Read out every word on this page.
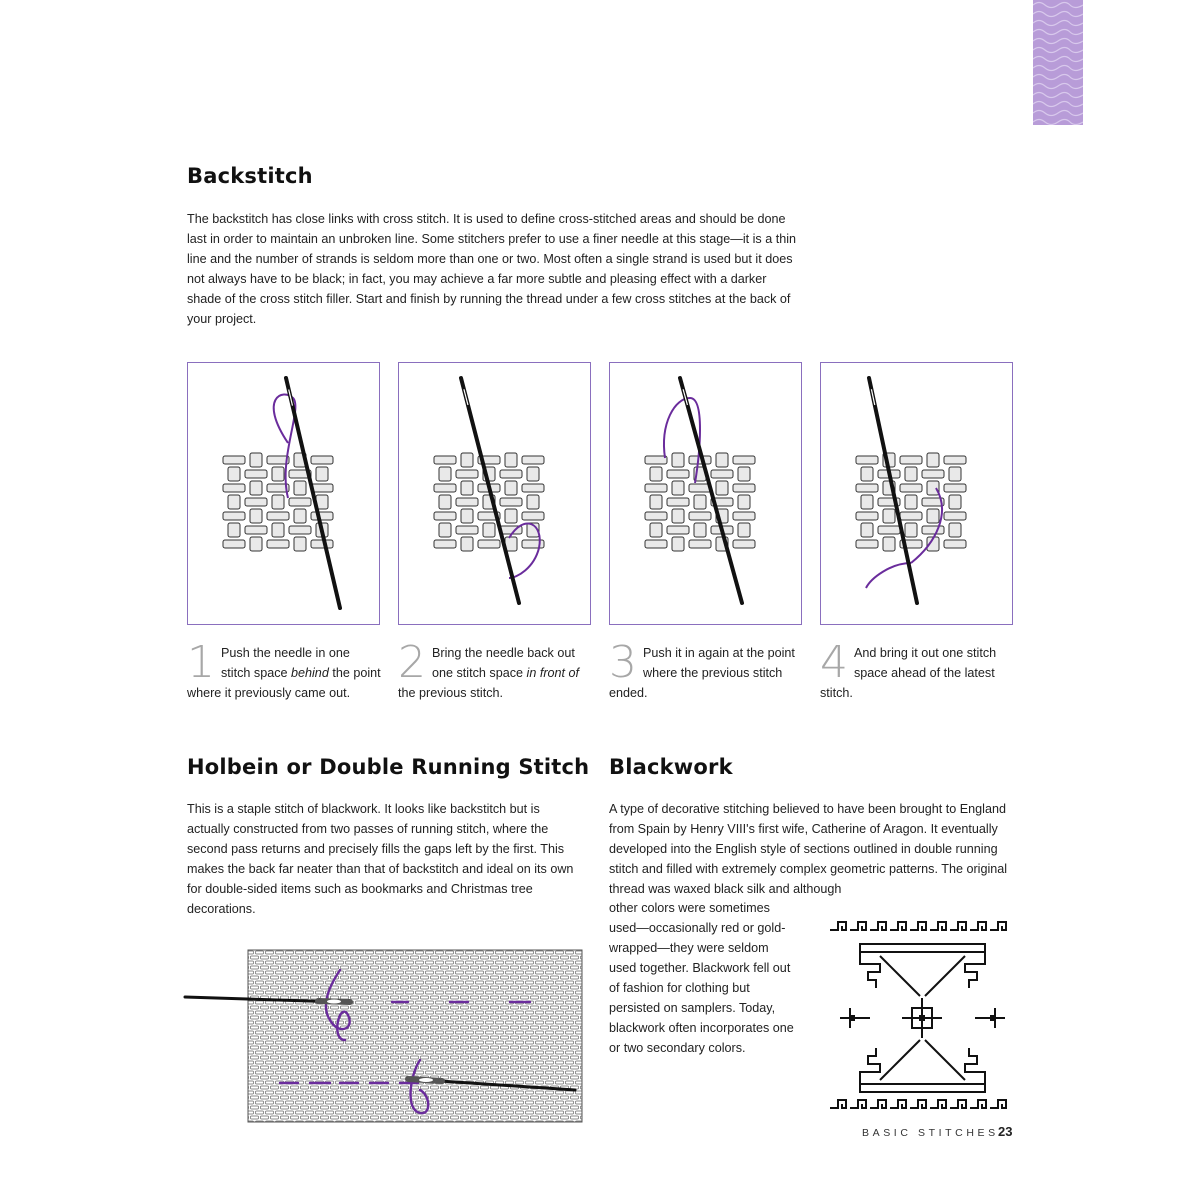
Backstitch

The backstitch has close links with cross stitch. It is used to define cross-stitched areas and should be done last in order to maintain an unbroken line. Some stitchers prefer to use a finer needle at this stage—it is a thin line and the number of strands is seldom more than one or two. Most often a single strand is used but it does not always have to be black; in fact, you may achieve a far more subtle and pleasing effect with a darker shade of the cross stitch filler. Start and finish by running the thread under a few cross stitches at the back of your project.

1 Push the needle in one stitch space behind the point where it previously came out.
2 Bring the needle back out one stitch space in front of the previous stitch.
3 Push it in again at the point where the previous stitch ended.
4 And bring it out one stitch space ahead of the latest stitch.
Holbein or Double Running Stitch

This is a staple stitch of blackwork. It looks like backstitch but is actually constructed from two passes of running stitch, where the second pass returns and precisely fills the gaps left by the first. This makes the back far neater than that of backstitch and ideal on its own for double-sided items such as bookmarks and Christmas tree decorations.

Blackwork

A type of decorative stitching believed to have been brought to England from Spain by Henry VIII's first wife, Catherine of Aragon. It eventually developed into the English style of sections outlined in double running stitch and filled with extremely complex geometric patterns. The original thread was waxed black silk and although

other colors were sometimes used—occasionally red or gold-wrapped—they were seldom used together. Blackwork fell out of fashion for clothing but persisted on samplers. Today, blackwork often incorporates one or two secondary colors.

BASIC STITCHES 23
